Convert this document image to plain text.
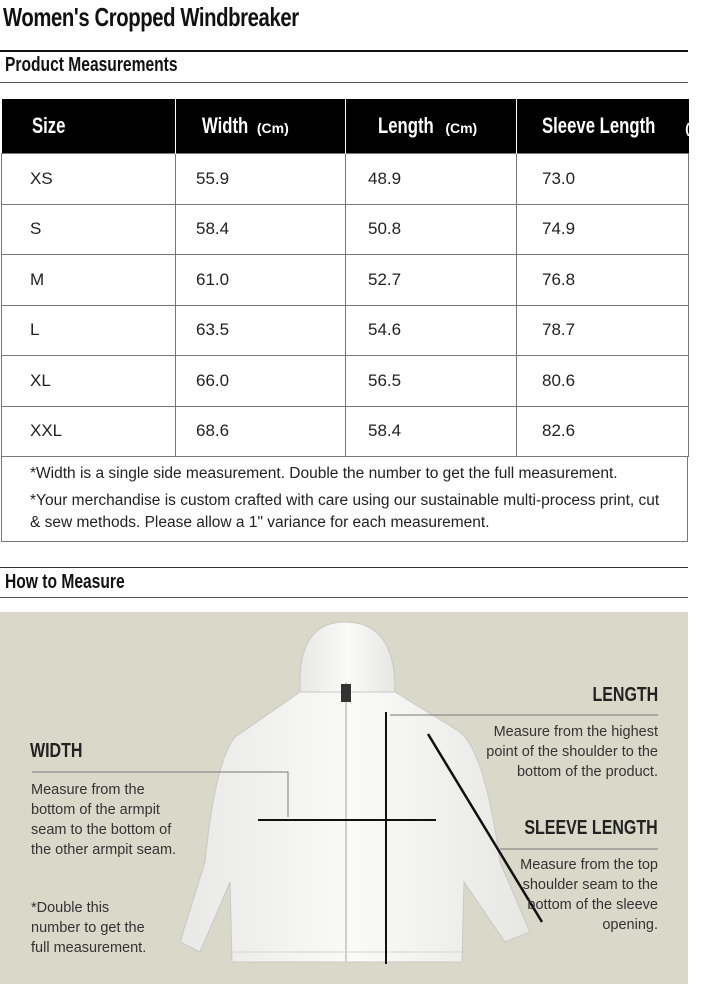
Women's Cropped Windbreaker
Product Measurements
Size	Width (Cm)	Length (Cm)	Sleeve Length (Cm)
XS	55.9	48.9	73.0
S	58.4	50.8	74.9
M	61.0	52.7	76.8
L	63.5	54.6	78.7
XL	66.0	56.5	80.6
XXL	68.6	58.4	82.6

*Width is a single side measurement. Double the number to get the full measurement.

*Your merchandise is custom crafted with care using our sustainable multi-process print, cut & sew methods. Please allow a 1" variance for each measurement.

How to Measure
WIDTH
Measure from the bottom of the armpit seam to the bottom of the other armpit seam.
*Double this number to get the full measurement.
LENGTH
Measure from the highest point of the shoulder to the bottom of the product.
SLEEVE LENGTH
Measure from the top shoulder seam to the bottom of the sleeve opening.
